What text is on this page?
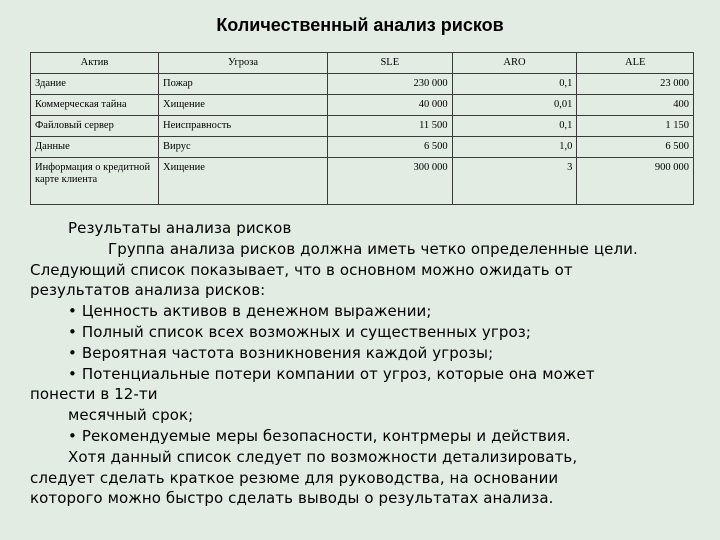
Количественный анализ рисков
Актив	Угроза	SLE	ARO	ALE
Здание	Пожар	230 000	0,1	23 000
Коммерческая тайна	Хищение	40 000	0,01	400
Файловый сервер	Неисправность	11 500	0,1	1 150
Данные	Вирус	6 500	1,0	6 500
Информация о кредитной карте клиента	Хищение	300 000	3	900 000
Результаты анализа рисков
Группа анализа рисков должна иметь четко определенные цели.
Следующий список показывает, что в основном можно ожидать от
результатов анализа рисков:
• Ценность активов в денежном выражении;
• Полный список всех возможных и существенных угроз;
• Вероятная частота возникновения каждой угрозы;
• Потенциальные потери компании от угроз, которые она может
понести в 12-ти
месячный срок;
• Рекомендуемые меры безопасности, контрмеры и действия.
Хотя данный список следует по возможности детализировать,
следует сделать краткое резюме для руководства, на основании
которого можно быстро сделать выводы о результатах анализа.
